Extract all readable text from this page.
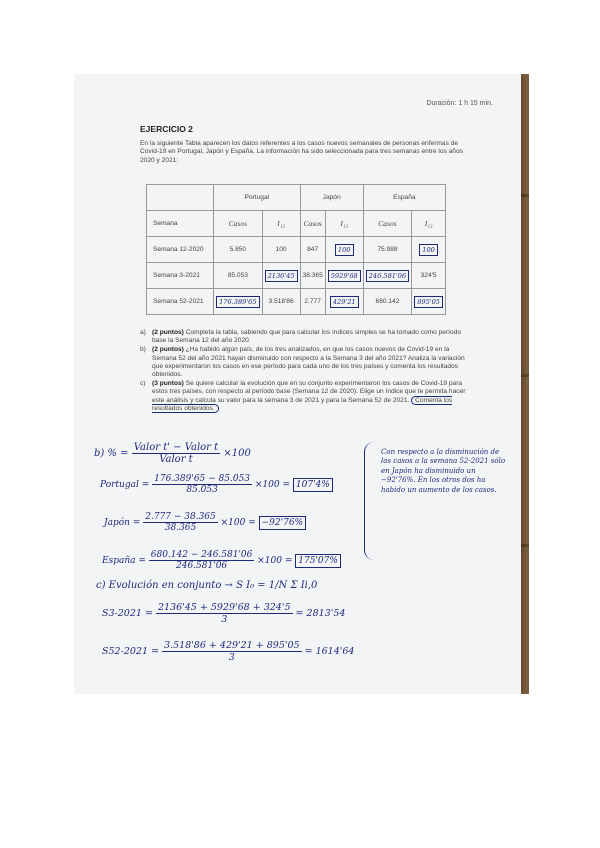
Duración: 1 h 15 min.
EJERCICIO 2
En la siguiente Tabla aparecen los datos referentes a los casos nuevos semanales de personas enfermas de Covid-19 en Portugal, Japón y España. La información ha sido seleccionada para tres semanas entre los años 2020 y 2021:
	Portugal		Japón		España	
Semana	Casos	I₁₂	Casos	I₁₂	Casos	I₁₂
Semana 12-2020	5.850	100	847	100	75.988	100
Semana 3-2021	85.053	2136'45	38.365	5929'68	246.581'06	324'5
Semana 52-2021	176.389'65	3.518'86	2.777	429'21	680.142	895'05
a) (2 puntos) Completa la tabla, sabiendo que para calcular los índices simples se ha tomado como período base la Semana 12 del año 2020.
b) (2 puntos) ¿Ha habido algún país, de los tres analizados, en que los casos nuevos de Covid-19 en la Semana 52 del año 2021 hayan disminuido con respecto a la Semana 3 del año 2021? Analiza la variación que experimentaron los casos en ese período para cada uno de los tres países y comenta los resultados obtenidos.
c) (3 puntos) Se quiere calcular la evolución que en su conjunto experimentaron los casos de Covid-19 para estos tres países, con respecto al período base (Semana 12 de 2020). Elige un índice que te permita hacer este análisis y calcula su valor para la semana 3 de 2021 y para la Semana 52 de 2021. Comenta los resultados obtenidos.
b) % = $\frac{\text{Valor t' − Valor t}}{\text{Valor t}} \times 100$
Portugal = $\frac{176.389'65 - 85.053}{85.053} \times 100 = 107'4\%$
Japón = $\frac{2.777 - 38.365}{38.365} \times 100 = -92'76\%$
España = $\frac{680.142 - 246.581'06}{246.581'06} \times 100 = 175'07\%$
Con respecto a la disminución de los casos a la semana 52-2021 sólo en Japón ha disminuido un −92'76%. En los otros dos ha habido un aumento de los casos.
c) Evolución en conjunto → S I₀ = 1/N Σ Ii,0
$S3-2021 = \frac{2136'45 + 5929'68 + 324'5}{3} = 2813'54$
$S52-2021 = \frac{3.518'86 + 429'21 + 895'05}{3} = 1614'64$
